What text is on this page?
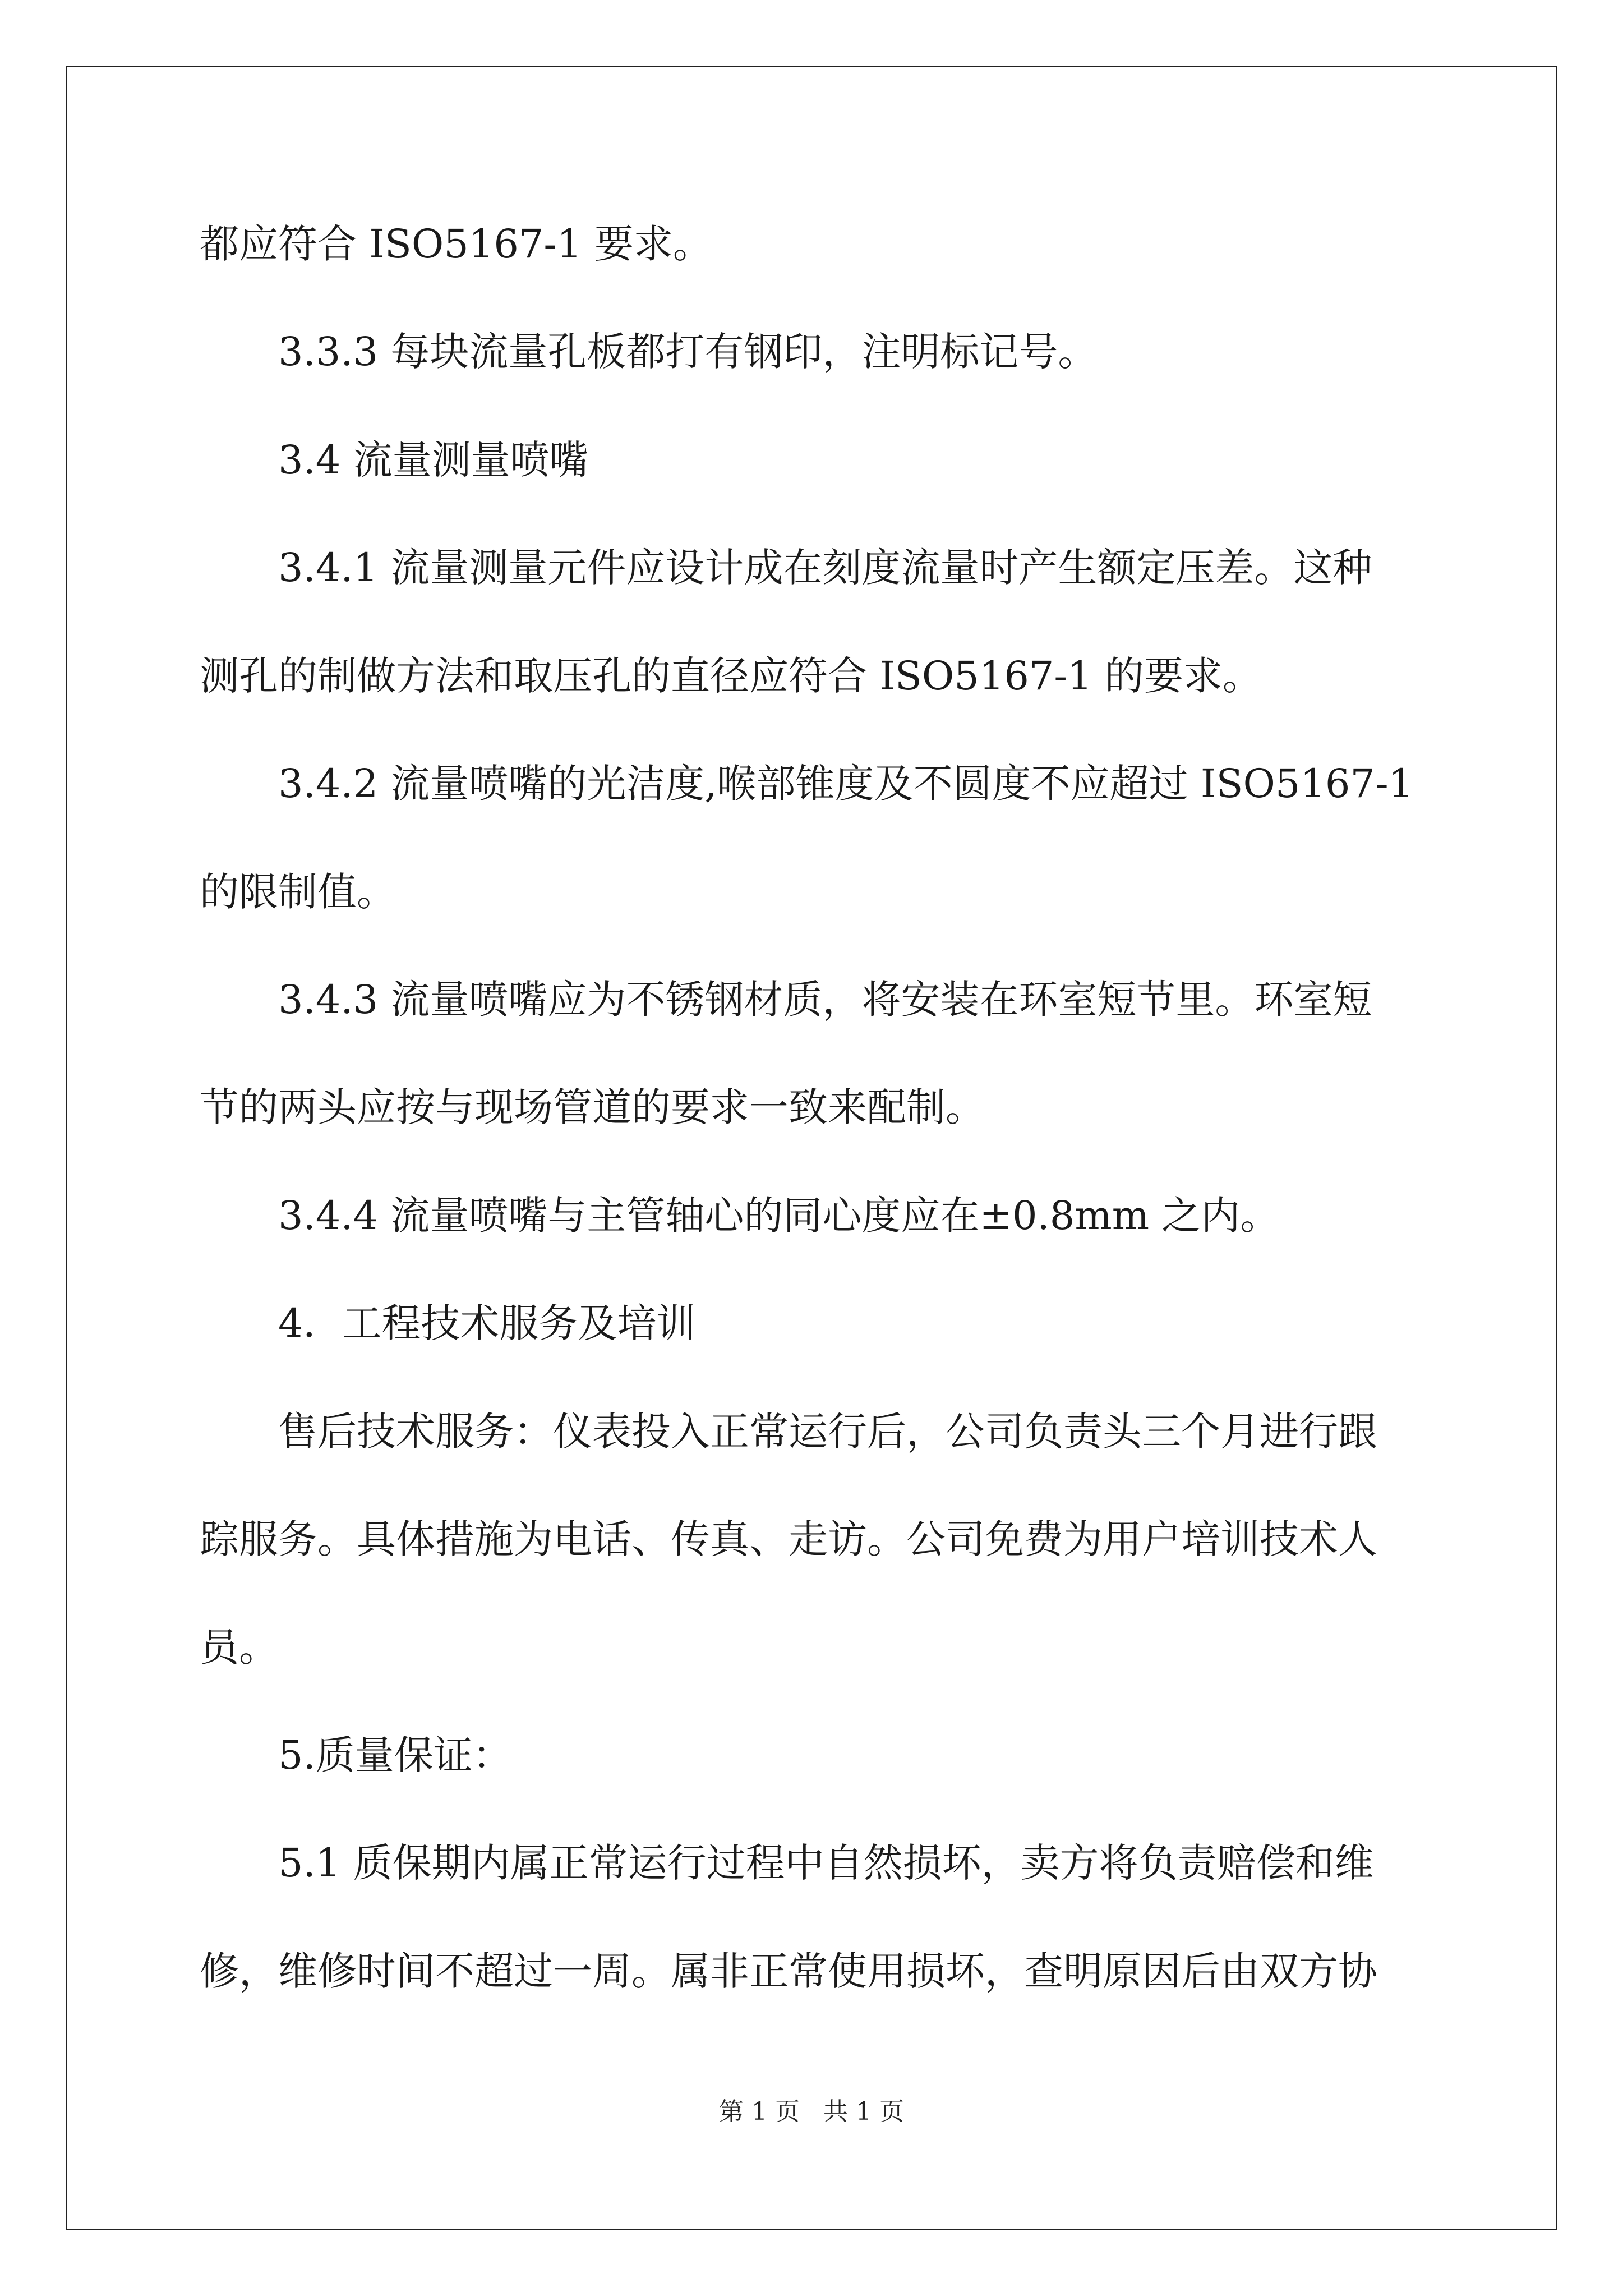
都应符合 ISO5167-1 要求。

3.3.3 每块流量孔板都打有钢印，注明标记号。

3.4 流量测量喷嘴

3.4.1 流量测量元件应设计成在刻度流量时产生额定压差。这种

测孔的制做方法和取压孔的直径应符合 ISO5167-1 的要求。

3.4.2 流量喷嘴的光洁度,喉部锥度及不圆度不应超过 ISO5167-1

的限制值。

3.4.3 流量喷嘴应为不锈钢材质，将安装在环室短节里。环室短

节的两头应按与现场管道的要求一致来配制。

3.4.4 流量喷嘴与主管轴心的同心度应在±0.8mm 之内。

4．工程技术服务及培训

售后技术服务：仪表投入正常运行后，公司负责头三个月进行跟

踪服务。具体措施为电话、传真、走访。公司免费为用户培训技术人

员。

5.质量保证：

5.1 质保期内属正常运行过程中自然损坏，卖方将负责赔偿和维

修，维修时间不超过一周。属非正常使用损坏，查明原因后由双方协

第 1 页   共 1 页
